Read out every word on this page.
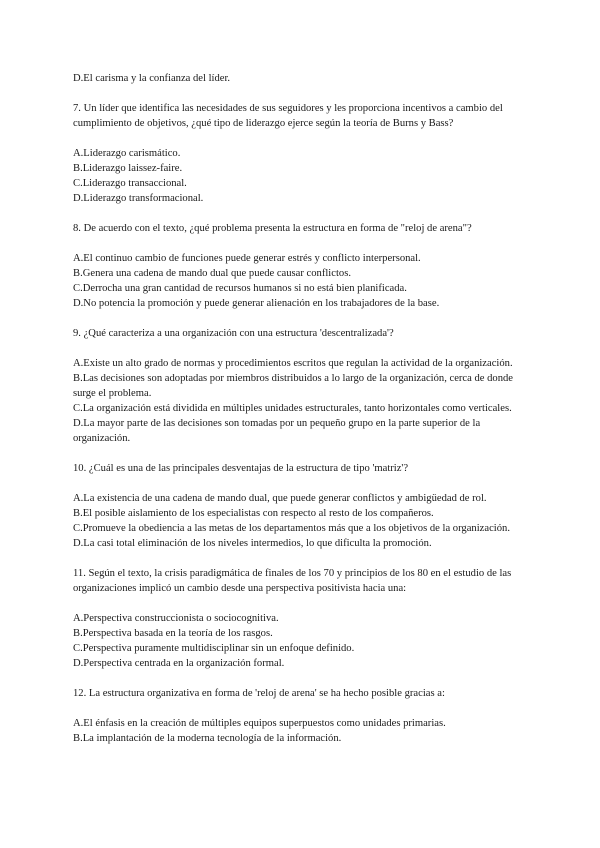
D.El carisma y la confianza del líder.

7. Un líder que identifica las necesidades de sus seguidores y les proporciona incentivos a cambio del cumplimiento de objetivos, ¿qué tipo de liderazgo ejerce según la teoría de Burns y Bass?

A.Liderazgo carismático.

B.Liderazgo laissez-faire.

C.Liderazgo transaccional.

D.Liderazgo transformacional.

8. De acuerdo con el texto, ¿qué problema presenta la estructura en forma de "reloj de arena"?

A.El continuo cambio de funciones puede generar estrés y conflicto interpersonal.

B.Genera una cadena de mando dual que puede causar conflictos.

C.Derrocha una gran cantidad de recursos humanos si no está bien planificada.

D.No potencia la promoción y puede generar alienación en los trabajadores de la base.

9. ¿Qué caracteriza a una organización con una estructura 'descentralizada'?

A.Existe un alto grado de normas y procedimientos escritos que regulan la actividad de la organización.

B.Las decisiones son adoptadas por miembros distribuidos a lo largo de la organización, cerca de donde surge el problema.

C.La organización está dividida en múltiples unidades estructurales, tanto horizontales como verticales.

D.La mayor parte de las decisiones son tomadas por un pequeño grupo en la parte superior de la organización.

10. ¿Cuál es una de las principales desventajas de la estructura de tipo 'matriz'?

A.La existencia de una cadena de mando dual, que puede generar conflictos y ambigüedad de rol.

B.El posible aislamiento de los especialistas con respecto al resto de los compañeros.

C.Promueve la obediencia a las metas de los departamentos más que a los objetivos de la organización.

D.La casi total eliminación de los niveles intermedios, lo que dificulta la promoción.

11. Según el texto, la crisis paradigmática de finales de los 70 y principios de los 80 en el estudio de las organizaciones implicó un cambio desde una perspectiva positivista hacia una:

A.Perspectiva construccionista o sociocognitiva.

B.Perspectiva basada en la teoría de los rasgos.

C.Perspectiva puramente multidisciplinar sin un enfoque definido.

D.Perspectiva centrada en la organización formal.

12. La estructura organizativa en forma de 'reloj de arena' se ha hecho posible gracias a:

A.El énfasis en la creación de múltiples equipos superpuestos como unidades primarias.

B.La implantación de la moderna tecnología de la información.
